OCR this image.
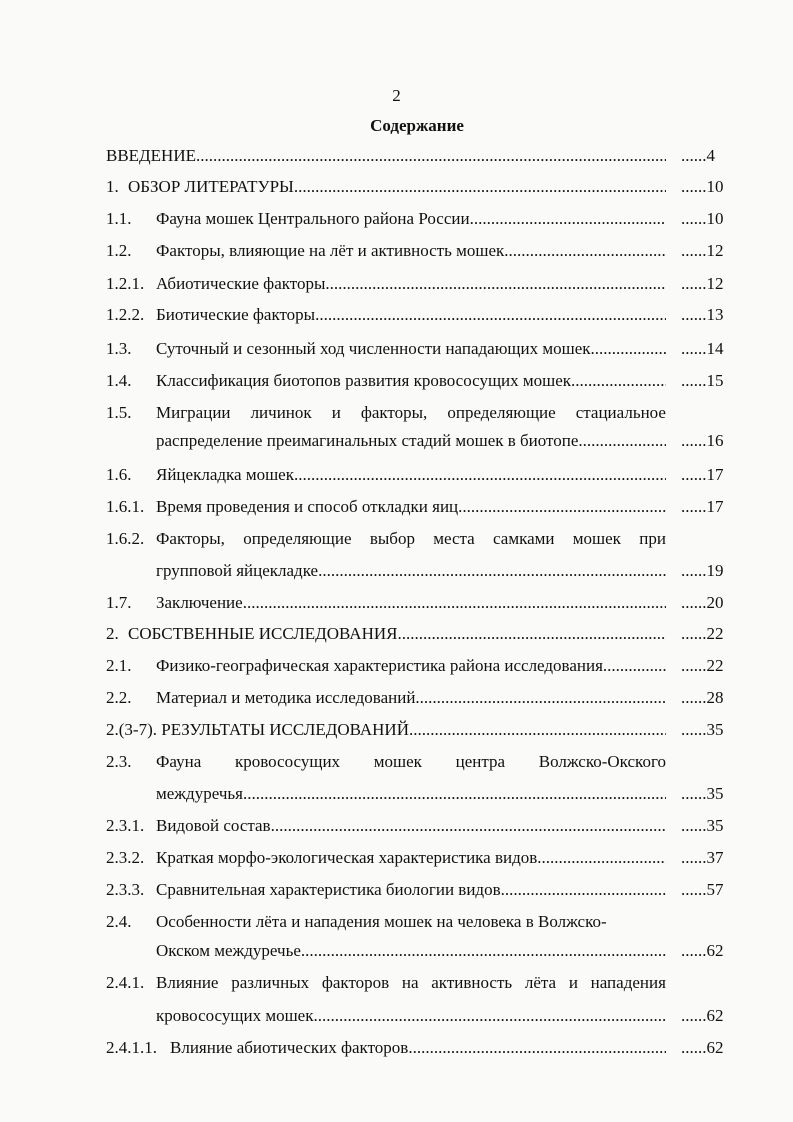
2
Содержание
ВВЕДЕНИЕ .....	......4
1. ОБЗОР ЛИТЕРАТУРЫ .....	......10
1.1. Фауна мошек Центрального района России .....	......10
1.2. Факторы, влияющие на лёт и активность мошек .....	......12
1.2.1. Абиотические факторы .....	......12
1.2.2. Биотические факторы .....	......13
1.3. Суточный и сезонный ход численности нападающих мошек .....	......14
1.4. Классификация биотопов развития кровососущих мошек .....	......15
1.5. Миграции личинок и факторы, определяющие стациальное
распределение преимагинальных стадий мошек в биотопе .....	......16
1.6. Яйцекладка мошек .....	......17
1.6.1. Время проведения и способ откладки яиц .....	......17
1.6.2. Факторы, определяющие выбор места самками мошек при
групповой яйцекладке .....	......19
1.7. Заключение .....	......20
2. СОБСТВЕННЫЕ ИССЛЕДОВАНИЯ .....	......22
2.1. Физико-географическая характеристика района исследования .....	......22
2.2. Материал и методика исследований .....	......28
2.(3-7). РЕЗУЛЬТАТЫ ИССЛЕДОВАНИЙ .....	......35
2.3. Фауна кровососущих мошек центра Волжско-Окского
междуречья .....	......35
2.3.1. Видовой состав .....	......35
2.3.2. Краткая морфо-экологическая характеристика видов .....	......37
2.3.3. Сравнительная характеристика биологии видов .....	......57
2.4. Особенности лёта и нападения мошек на человека в Волжско-
Окском междуречье .....	......62
2.4.1. Влияние различных факторов на активность лёта и нападения
кровососущих мошек .....	......62
2.4.1.1. Влияние абиотических факторов .....	......62
